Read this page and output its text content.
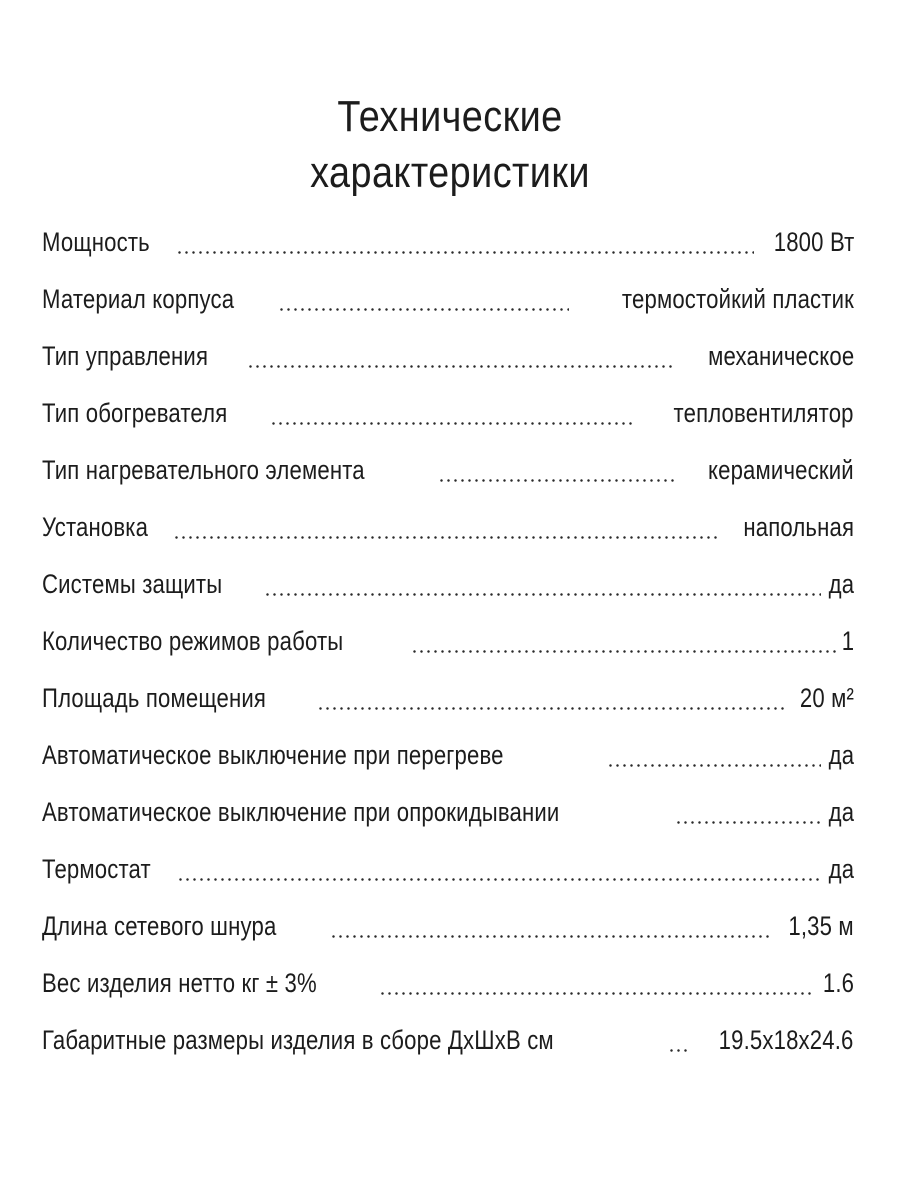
Технические
характеристики
Мощность	1800 Вт
Материал корпуса	термостойкий пластик
Тип управления	механическое
Тип обогревателя	тепловентилятор
Тип нагревательного элемента	керамический
Установка	напольная
Системы защиты	да
Количество режимов работы	1
Площадь помещения	20 м²
Автоматическое выключение при перегреве	да
Автоматическое выключение при опрокидывании	да
Термостат	да
Длина сетевого шнура	1,35 м
Вес изделия нетто кг ± 3%	1.6
Габаритные размеры изделия в сборе ДхШхВ см	19.5x18x24.6
